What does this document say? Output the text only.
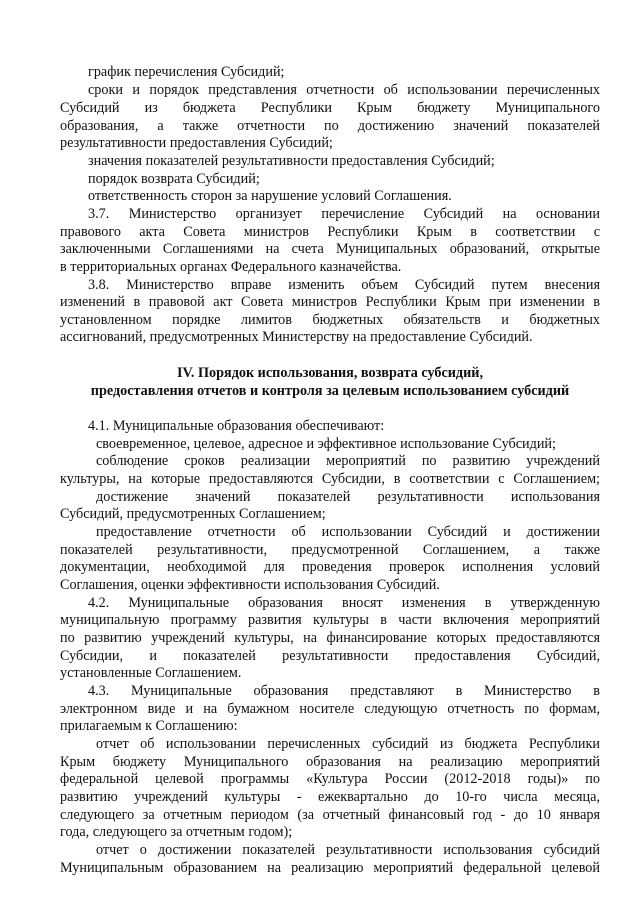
график перечисления Субсидий;
сроки и порядок представления отчетности об использовании перечисленных
Субсидий из бюджета Республики Крым бюджету Муниципального
образования, а также отчетности по достижению значений показателей
результативности предоставления Субсидий;
значения показателей результативности предоставления Субсидий;
порядок возврата Субсидий;
ответственность сторон за нарушение условий Соглашения.
3.7. Министерство организует перечисление Субсидий на основании
правового акта Совета министров Республики Крым в соответствии с
заключенными Соглашениями на счета Муниципальных образований, открытые
в территориальных органах Федерального казначейства.
3.8. Министерство вправе изменить объем Субсидий путем внесения
изменений в правовой акт Совета министров Республики Крым при изменении в
установленном порядке лимитов бюджетных обязательств и бюджетных
ассигнований, предусмотренных Министерству на предоставление Субсидий.
IV. Порядок использования, возврата субсидий,
предоставления отчетов и контроля за целевым использованием субсидий
4.1. Муниципальные образования обеспечивают:
своевременное, целевое, адресное и эффективное использование Субсидий;
соблюдение сроков реализации мероприятий по развитию учреждений
культуры, на которые предоставляются Субсидии, в соответствии с Соглашением;
достижение значений показателей результативности использования
Субсидий, предусмотренных Соглашением;
предоставление отчетности об использовании Субсидий и достижении
показателей результативности, предусмотренной Соглашением, а также
документации, необходимой для проведения проверок исполнения условий
Соглашения, оценки эффективности использования Субсидий.
4.2. Муниципальные образования вносят изменения в утвержденную
муниципальную программу развития культуры в части включения мероприятий
по развитию учреждений культуры, на финансирование которых предоставляются
Субсидии, и показателей результативности предоставления Субсидий,
установленные Соглашением.
4.3. Муниципальные образования представляют в Министерство в
электронном виде и на бумажном носителе следующую отчетность по формам,
прилагаемым к Соглашению:
отчет об использовании перечисленных субсидий из бюджета Республики
Крым бюджету Муниципального образования на реализацию мероприятий
федеральной целевой программы «Культура России (2012-2018 годы)» по
развитию учреждений культуры - ежеквартально до 10-го числа месяца,
следующего за отчетным периодом (за отчетный финансовый год - до 10 января
года, следующего за отчетным годом);
отчет о достижении показателей результативности использования субсидий
Муниципальным образованием на реализацию мероприятий федеральной целевой
